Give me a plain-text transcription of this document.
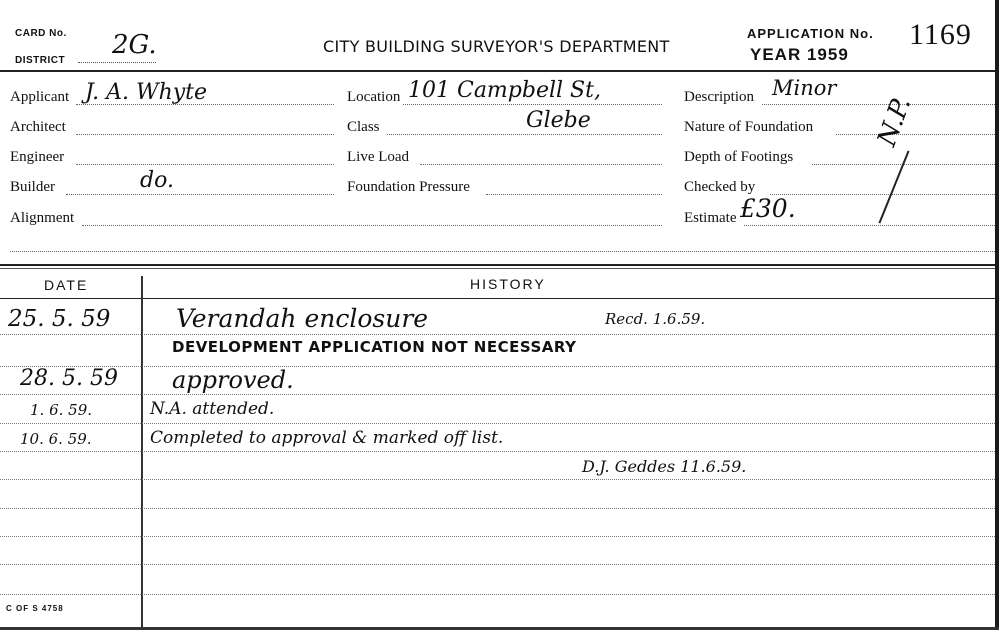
CARD No.
DISTRICT
2G.	CITY BUILDING SURVEYOR'S DEPARTMENT
APPLICATION No.
YEAR 1959
1169
Applicant J. A. Whyte
Architect
Engineer
Builder	do.
Alignment
Location 101 Campbell St,
Class	Glebe
Live Load
Foundation Pressure
Description Minor
Nature of Foundation
Depth of Footings
Checked by
Estimate £30.
N.P.
DATE	HISTORY
25. 5. 59	Verandah enclosure	Recd. 1.6.59.
DEVELOPMENT APPLICATION NOT NECESSARY
28. 5. 59 approved.
1. 6. 59.	N.A. attended.
10. 6. 59.	Completed to approval & marked off list.
D.J. Geddes 11.6.59.
C OF S 4758
